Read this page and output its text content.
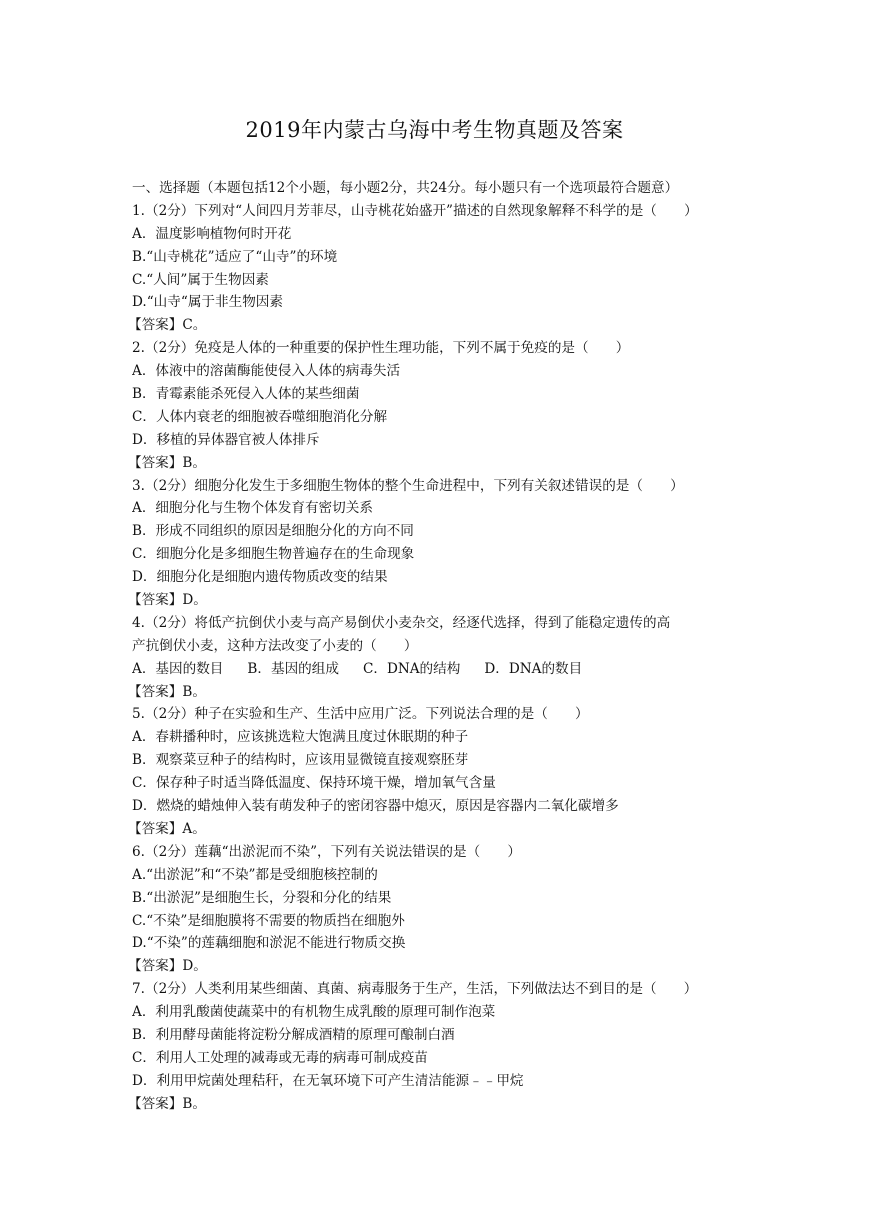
2019年内蒙古乌海中考生物真题及答案
一、选择题（本题包括12个小题，每小题2分，共24分。每小题只有一个选项最符合题意）
1.（2分）下列对“人间四月芳菲尽，山寺桃花始盛开”描述的自然现象解释不科学的是（　　）
A．温度影响植物何时开花
B.“山寺桃花”适应了“山寺”的环境
C.“人间”属于生物因素
D.“山寺“属于非生物因素
【答案】C。
2.（2分）免疫是人体的一种重要的保护性生理功能，下列不属于免疫的是（　　）
A．体液中的溶菌酶能使侵入人体的病毒失活
B．青霉素能杀死侵入人体的某些细菌
C．人体内衰老的细胞被吞噬细胞消化分解
D．移植的异体器官被人体排斥
【答案】B。
3.（2分）细胞分化发生于多细胞生物体的整个生命进程中，下列有关叙述错误的是（　　）
A．细胞分化与生物个体发育有密切关系
B．形成不同组织的原因是细胞分化的方向不同
C．细胞分化是多细胞生物普遍存在的生命现象
D．细胞分化是细胞内遗传物质改变的结果
【答案】D。
4.（2分）将低产抗倒伏小麦与高产易倒伏小麦杂交，经逐代选择，得到了能稳定遗传的高
产抗倒伏小麦，这种方法改变了小麦的（　　）
A．基因的数目 B．基因的组成 C．DNA的结构 D．DNA的数目
【答案】B。
5.（2分）种子在实验和生产、生活中应用广泛。下列说法合理的是（　　）
A．春耕播种时，应该挑选粒大饱满且度过休眠期的种子
B．观察菜豆种子的结构时，应该用显微镜直接观察胚芽
C．保存种子时适当降低温度、保持环境干燥，增加氧气含量
D．燃烧的蜡烛伸入装有萌发种子的密闭容器中熄灭，原因是容器内二氧化碳增多
【答案】A。
6.（2分）莲藕“出淤泥而不染”，下列有关说法错误的是（　　）
A.“出淤泥”和“不染”都是受细胞核控制的
B.“出淤泥”是细胞生长，分裂和分化的结果
C.“不染”是细胞膜将不需要的物质挡在细胞外
D.“不染”的莲藕细胞和淤泥不能进行物质交换
【答案】D。
7.（2分）人类利用某些细菌、真菌、病毒服务于生产，生活，下列做法达不到目的是（　　）
A．利用乳酸菌使蔬菜中的有机物生成乳酸的原理可制作泡菜
B．利用酵母菌能将淀粉分解成酒精的原理可酿制白酒
C．利用人工处理的减毒或无毒的病毒可制成疫苗
D．利用甲烷菌处理秸秆，在无氧环境下可产生清洁能源﹣﹣甲烷
【答案】B。
